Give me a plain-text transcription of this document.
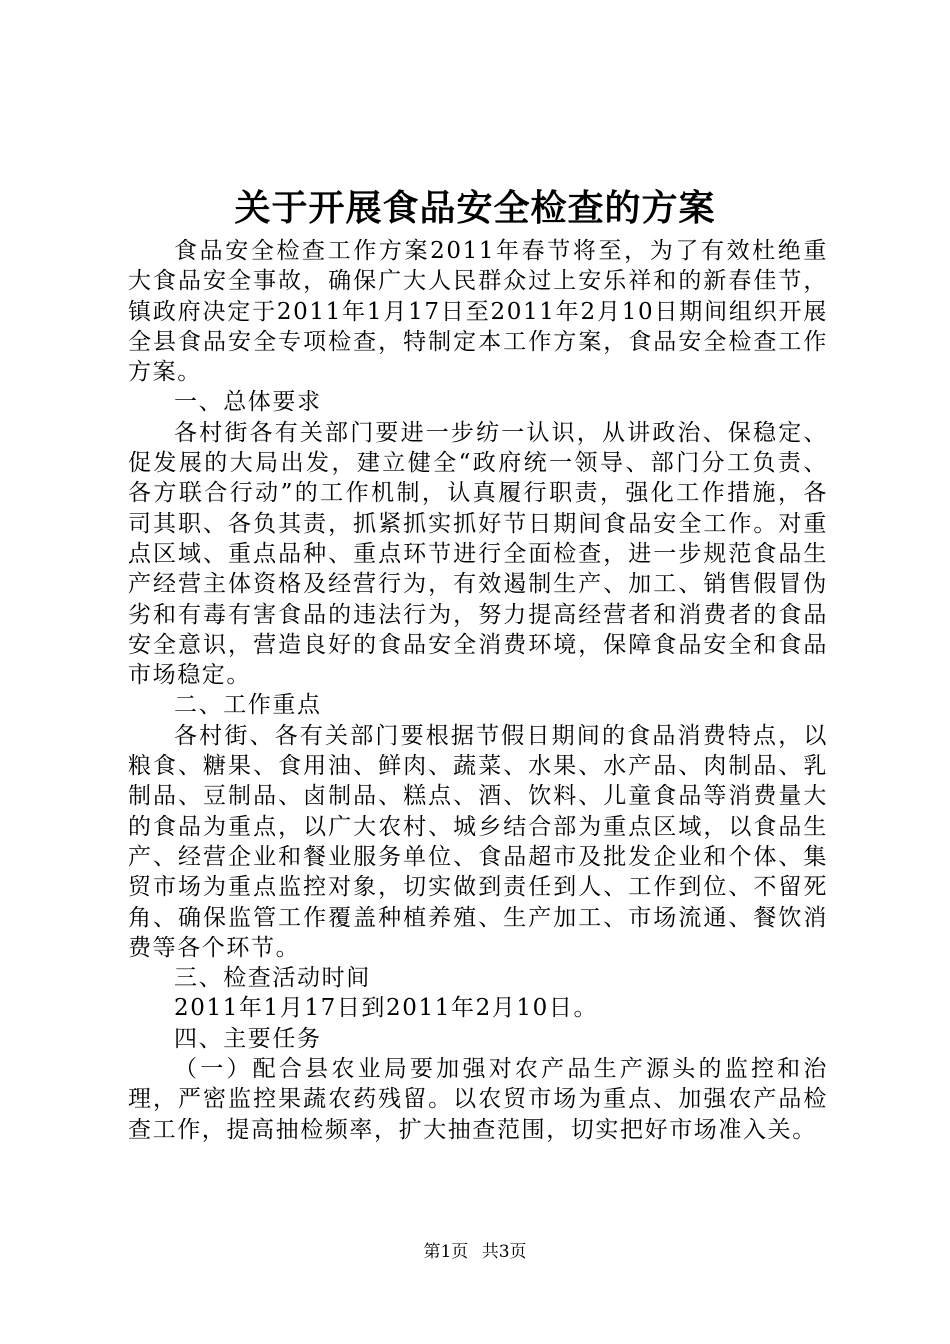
关于开展食品安全检查的方案

食品安全检查工作方案2011年春节将至，为了有效杜绝重大食品安全事故，确保广大人民群众过上安乐祥和的新春佳节，镇政府决定于2011年1月17日至2011年2月10日期间组织开展全县食品安全专项检查，特制定本工作方案，食品安全检查工作方案。

一、总体要求

各村街各有关部门要进一步纺一认识，从讲政治、保稳定、促发展的大局出发，建立健全“政府统一领导、部门分工负责、各方联合行动”的工作机制，认真履行职责，强化工作措施，各司其职、各负其责，抓紧抓实抓好节日期间食品安全工作。对重点区域、重点品种、重点环节进行全面检查，进一步规范食品生产经营主体资格及经营行为，有效遏制生产、加工、销售假冒伪劣和有毒有害食品的违法行为，努力提高经营者和消费者的食品安全意识，营造良好的食品安全消费环境，保障食品安全和食品市场稳定。

二、工作重点

各村街、各有关部门要根据节假日期间的食品消费特点，以粮食、糖果、食用油、鲜肉、蔬菜、水果、水产品、肉制品、乳制品、豆制品、卤制品、糕点、酒、饮料、儿童食品等消费量大的食品为重点，以广大农村、城乡结合部为重点区域，以食品生产、经营企业和餐业服务单位、食品超市及批发企业和个体、集贸市场为重点监控对象，切实做到责任到人、工作到位、不留死角、确保监管工作覆盖种植养殖、生产加工、市场流通、餐饮消费等各个环节。

三、检查活动时间

2011年1月17日到2011年2月10日。

四、主要任务

（一）配合县农业局要加强对农产品生产源头的监控和治理，严密监控果蔬农药残留。以农贸市场为重点、加强农产品检查工作，提高抽检频率，扩大抽查范围，切实把好市场准入关。

第1页 共3页
